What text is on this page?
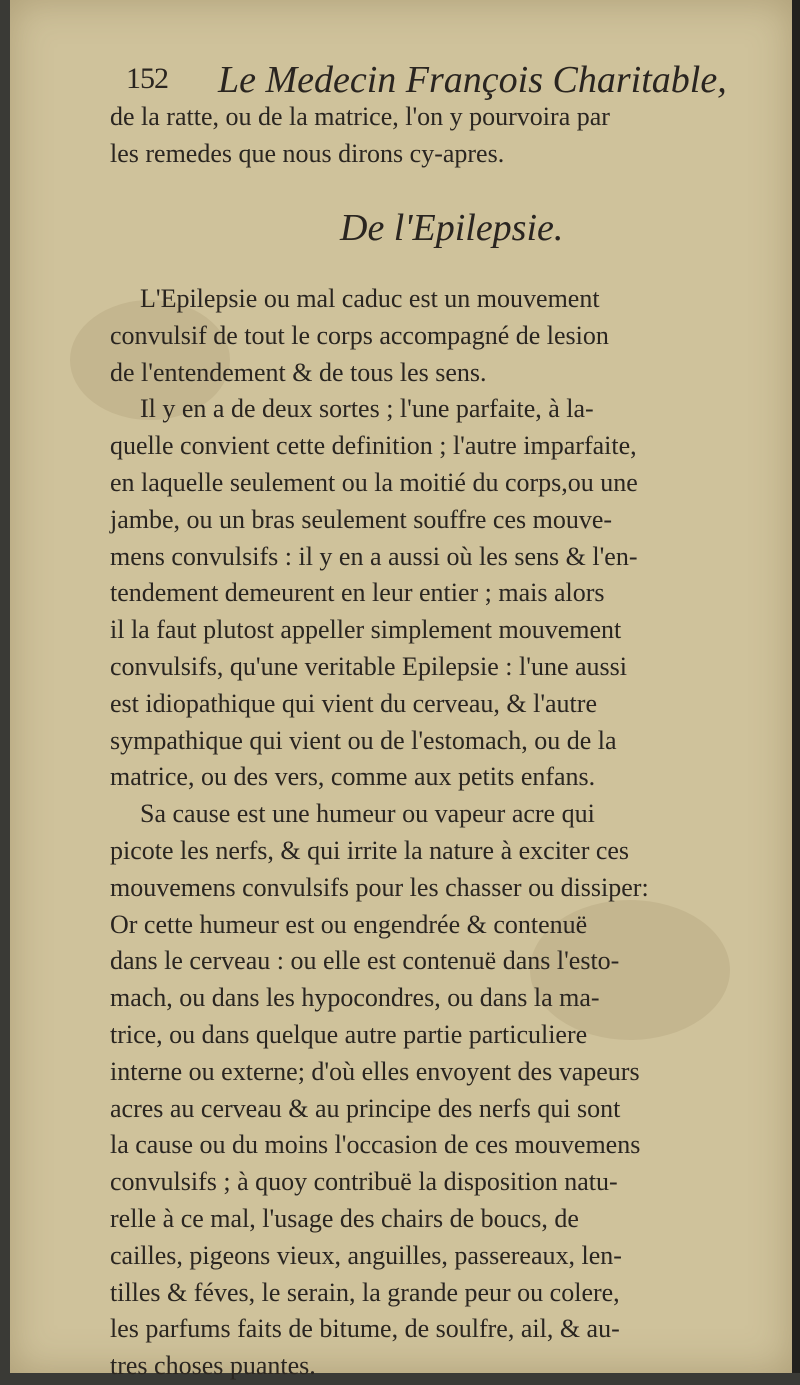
152 Le Medecin François Charitable,
de la ratte, ou de la matrice, l'on y pourvoira par
les remedes que nous dirons cy-apres.
De l'Epilepsie.
L'Epilepsie ou mal caduc est un mouvement
convulsif de tout le corps accompagné de lesion
de l'entendement & de tous les sens.
Il y en a de deux sortes ; l'une parfaite, à la-
quelle convient cette definition ; l'autre imparfaite,
en laquelle seulement ou la moitié du corps,ou une
jambe, ou un bras seulement souffre ces mouve-
mens convulsifs : il y en a aussi où les sens & l'en-
tendement demeurent en leur entier ; mais alors
il la faut plutost appeller simplement mouvement
convulsifs, qu'une veritable Epilepsie : l'une aussi
est idiopathique qui vient du cerveau, & l'autre
sympathique qui vient ou de l'estomach, ou de la
matrice, ou des vers, comme aux petits enfans.
Sa cause est une humeur ou vapeur acre qui
picote les nerfs, & qui irrite la nature à exciter ces
mouvemens convulsifs pour les chasser ou dissiper:
Or cette humeur est ou engendrée & contenuë
dans le cerveau : ou elle est contenuë dans l'esto-
mach, ou dans les hypocondres, ou dans la ma-
trice, ou dans quelque autre partie particuliere
interne ou externe; d'où elles envoyent des vapeurs
acres au cerveau & au principe des nerfs qui sont
la cause ou du moins l'occasion de ces mouvemens
convulsifs ; à quoy contribuë la disposition natu-
relle à ce mal, l'usage des chairs de boucs, de
cailles, pigeons vieux, anguilles, passereaux, len-
tilles & féves, le serain, la grande peur ou colere,
les parfums faits de bitume, de soulfre, ail, & au-
tres choses puantes.
